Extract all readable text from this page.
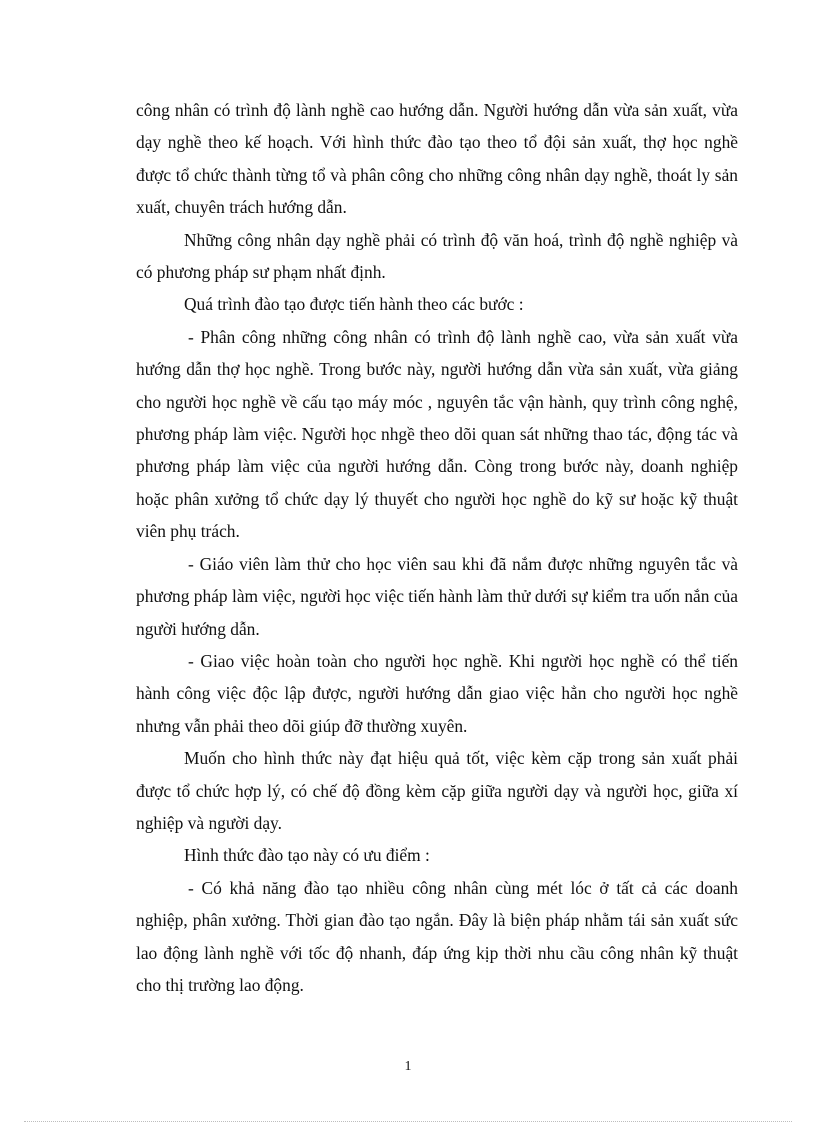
công nhân có trình độ lành nghề cao hướng dẫn. Người hướng dẫn vừa sản xuất, vừa dạy nghề theo kế hoạch. Với hình thức đào tạo theo tổ đội sản xuất, thợ học nghề được tổ chức thành từng tổ và phân công cho những công nhân dạy nghề, thoát ly sản xuất, chuyên trách hướng dẫn.

Những công nhân dạy nghề phải có trình độ văn hoá, trình độ nghề nghiệp và có phương pháp sư phạm nhất định.

Quá trình đào tạo được tiến hành theo các bước :

- Phân công những công nhân có trình độ lành nghề cao, vừa sản xuất vừa hướng dẫn thợ học nghề. Trong bước này, người hướng dẫn vừa sản xuất, vừa giảng cho người học nghề về cấu tạo máy móc , nguyên tắc vận hành, quy trình công nghệ, phương pháp làm việc. Người học nhgề theo dõi quan sát những thao tác, động tác và phương pháp làm việc của người hướng dẫn. Còng trong bước này, doanh nghiệp hoặc phân xưởng tổ chức dạy lý thuyết cho người học nghề do kỹ sư hoặc kỹ thuật viên phụ trách.

- Giáo viên làm thử cho học viên sau khi đã nắm được những nguyên tắc và phương pháp làm việc, người học việc tiến hành làm thử dưới sự kiểm tra uốn nắn của người hướng dẫn.

- Giao việc hoàn toàn cho người học nghề. Khi người học nghề có thể tiến hành công việc độc lập được, người hướng dẫn giao việc hẳn cho người học nghề nhưng vẫn phải theo dõi giúp đỡ thường xuyên.

Muốn cho hình thức này đạt hiệu quả tốt, việc kèm cặp trong sản xuất phải được tổ chức hợp lý, có chế độ đồng kèm cặp giữa người dạy và người học, giữa xí nghiệp và người dạy.

Hình thức đào tạo này có ưu điểm :

- Có khả năng đào tạo nhiều công nhân cùng mét lóc ở tất cả các doanh nghiệp, phân xưởng. Thời gian đào tạo ngắn. Đây là biện pháp nhằm tái sản xuất sức lao động lành nghề với tốc độ nhanh, đáp ứng kịp thời nhu cầu công nhân kỹ thuật cho thị trường lao động.

1
